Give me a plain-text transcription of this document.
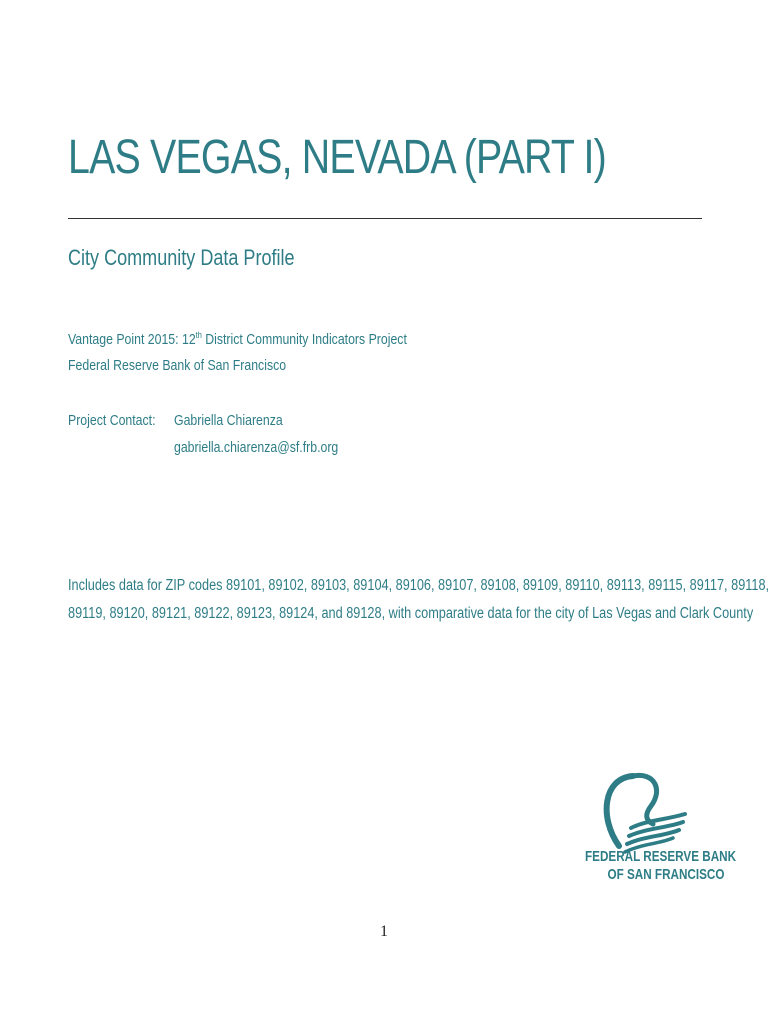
LAS VEGAS, NEVADA (PART I)
City Community Data Profile
Vantage Point 2015: 12th District Community Indicators Project
Federal Reserve Bank of San Francisco
Project Contact: Gabriella Chiarenza
gabriella.chiarenza@sf.frb.org
Includes data for ZIP codes 89101, 89102, 89103, 89104, 89106, 89107, 89108, 89109, 89110, 89113, 89115, 89117, 89118,
89119, 89120, 89121, 89122, 89123, 89124, and 89128, with comparative data for the city of Las Vegas and Clark County
FEDERAL RESERVE BANK
OF SAN FRANCISCO
1
